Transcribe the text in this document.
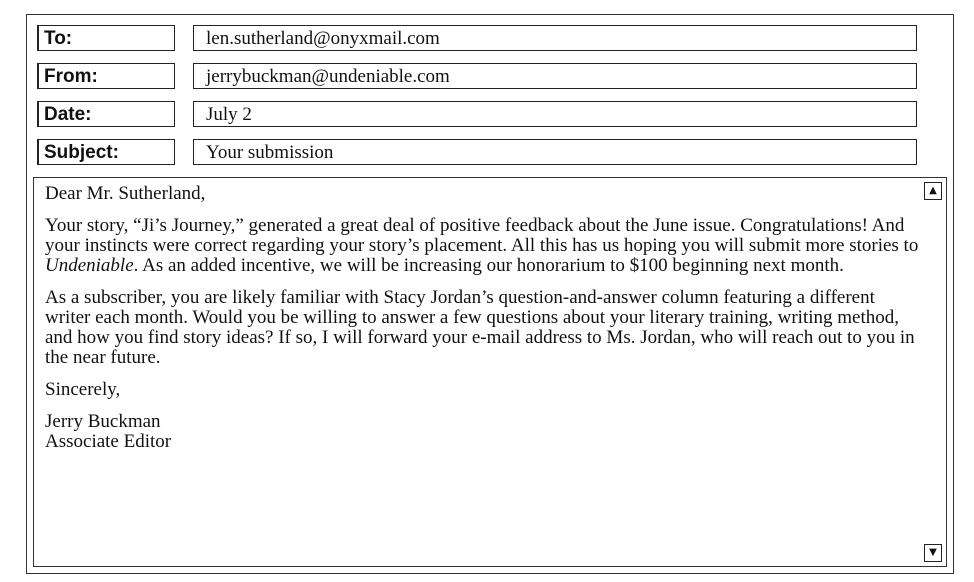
To:	len.sutherland@onyxmail.com
From:	jerrybuckman@undeniable.com
Date:	July 2
Subject:	Your submission

Dear Mr. Sutherland,

Your story, “Ji’s Journey,” generated a great deal of positive feedback about the June issue. Congratulations! And your instincts were correct regarding your story’s placement. All this has us hoping you will submit more stories to Undeniable. As an added incentive, we will be increasing our honorarium to $100 beginning next month.

As a subscriber, you are likely familiar with Stacy Jordan’s question-and-answer column featuring a different writer each month. Would you be willing to answer a few questions about your literary training, writing method, and how you find story ideas? If so, I will forward your e-mail address to Ms. Jordan, who will reach out to you in the near future.

Sincerely,

Jerry Buckman

Associate Editor

▲
▼
